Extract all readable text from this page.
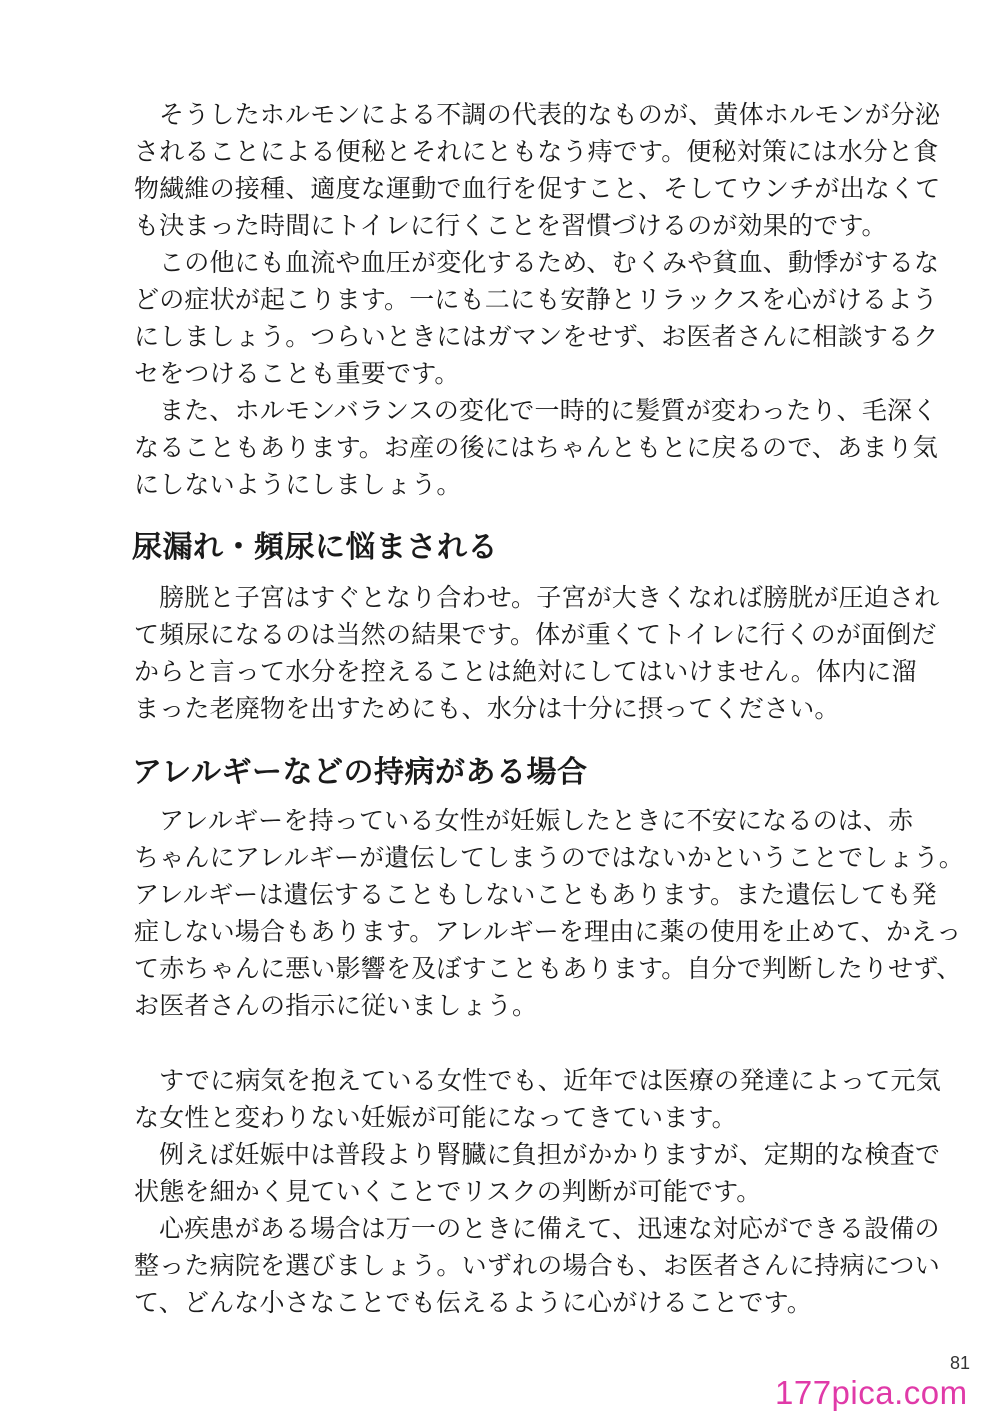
そうしたホルモンによる不調の代表的なものが、黄体ホルモンが分泌
されることによる便秘とそれにともなう痔です。便秘対策には水分と食
物繊維の接種、適度な運動で血行を促すこと、そしてウンチが出なくて
も決まった時間にトイレに行くことを習慣づけるのが効果的です。
この他にも血流や血圧が変化するため、むくみや貧血、動悸がするな
どの症状が起こります。一にも二にも安静とリラックスを心がけるよう
にしましょう。つらいときにはガマンをせず、お医者さんに相談するク
セをつけることも重要です。
また、ホルモンバランスの変化で一時的に髪質が変わったり、毛深く
なることもあります。お産の後にはちゃんともとに戻るので、あまり気
にしないようにしましょう。
尿漏れ・頻尿に悩まされる
膀胱と子宮はすぐとなり合わせ。子宮が大きくなれば膀胱が圧迫され
て頻尿になるのは当然の結果です。体が重くてトイレに行くのが面倒だ
からと言って水分を控えることは絶対にしてはいけません。体内に溜
まった老廃物を出すためにも、水分は十分に摂ってください。
アレルギーなどの持病がある場合
アレルギーを持っている女性が妊娠したときに不安になるのは、赤
ちゃんにアレルギーが遺伝してしまうのではないかということでしょう。
アレルギーは遺伝することもしないこともあります。また遺伝しても発
症しない場合もあります。アレルギーを理由に薬の使用を止めて、かえっ
て赤ちゃんに悪い影響を及ぼすこともあります。自分で判断したりせず、
お医者さんの指示に従いましょう。
すでに病気を抱えている女性でも、近年では医療の発達によって元気
な女性と変わりない妊娠が可能になってきています。
例えば妊娠中は普段より腎臓に負担がかかりますが、定期的な検査で
状態を細かく見ていくことでリスクの判断が可能です。
心疾患がある場合は万一のときに備えて、迅速な対応ができる設備の
整った病院を選びましょう。いずれの場合も、お医者さんに持病につい
て、どんな小さなことでも伝えるように心がけることです。
81
177pica.com
